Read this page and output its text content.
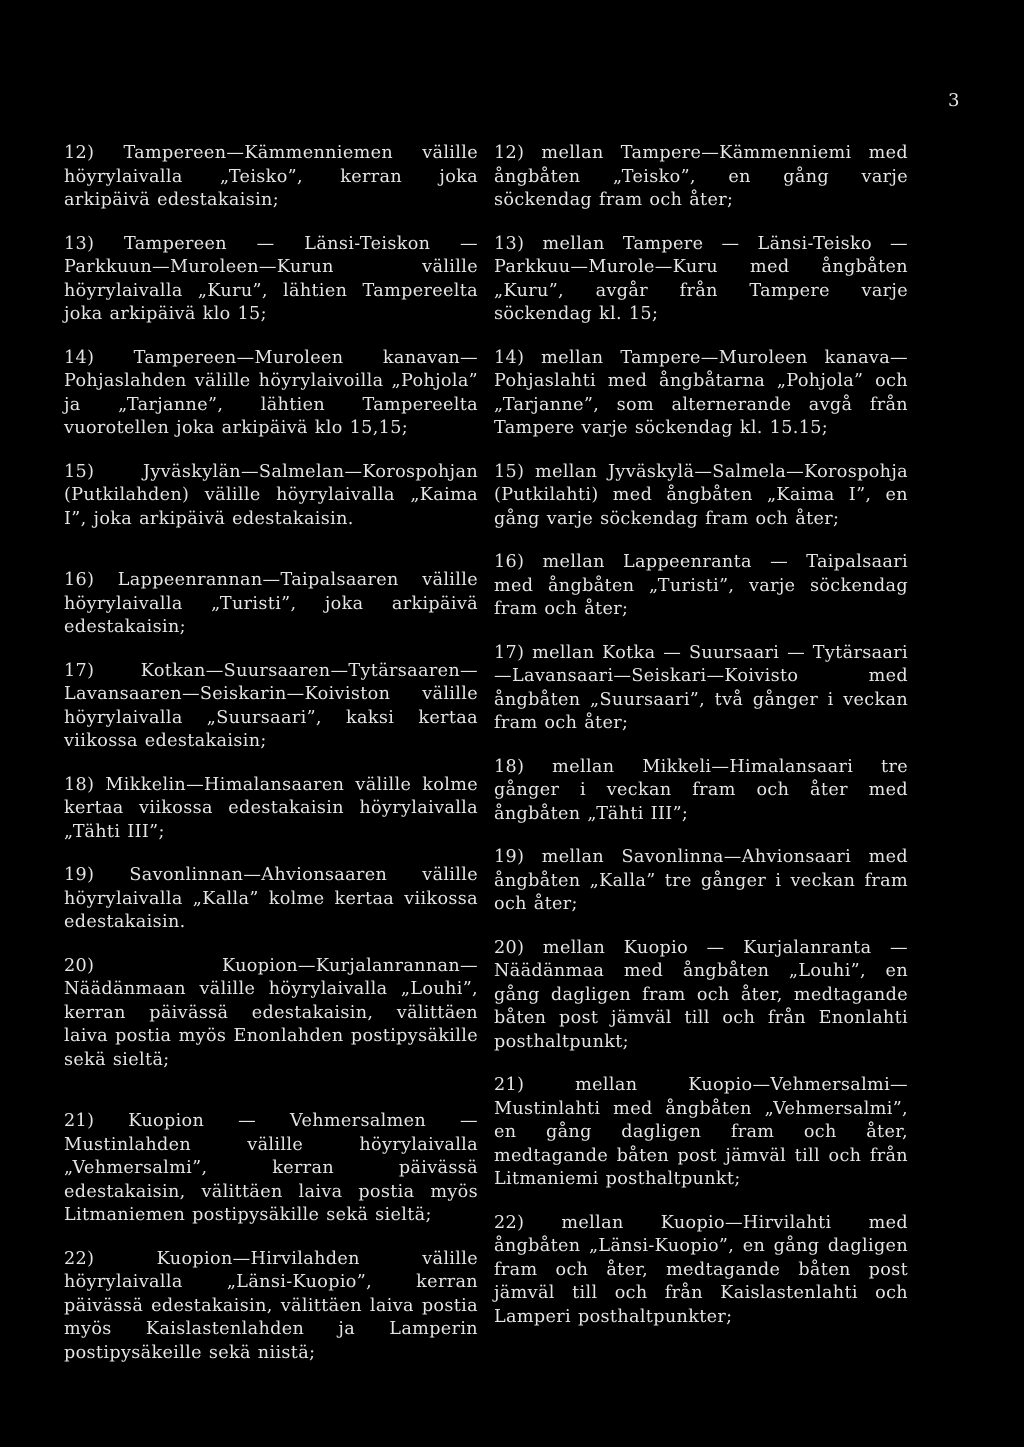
3

12) Tampereen—Kämmenniemen välille höyrylaivalla „Teisko”, kerran joka arkipäivä edestakaisin;

13) Tampereen — Länsi-Teiskon — Parkkuun—Muroleen—Kurun välille höyrylaivalla „Kuru”, lähtien Tampereelta joka arkipäivä klo 15;

14) Tampereen—Muroleen kanavan— Pohjaslahden välille höyrylaivoilla „Pohjola” ja „Tarjanne”, lähtien Tampereelta vuorotellen joka arkipäivä klo 15,15;

15) Jyväskylän—Salmelan—Korospohjan (Putkilahden) välille höyrylaivalla „Kaima I”, joka arkipäivä edestakaisin.

16) Lappeenrannan—Taipalsaaren välille höyrylaivalla „Turisti”, joka arkipäivä edestakaisin;

17) Kotkan—Suursaaren—Tytärsaaren— Lavansaaren—Seiskarin—Koiviston välille höyrylaivalla „Suursaari”, kaksi kertaa viikossa edestakaisin;

18) Mikkelin—Himalansaaren välille kolme kertaa viikossa edestakaisin höyrylaivalla „Tähti III”;

19) Savonlinnan—Ahvionsaaren välille höyrylaivalla „Kalla” kolme kertaa viikossa edestakaisin.

20) Kuopion—Kurjalanrannan—Näädänmaan välille höyrylaivalla „Louhi”, kerran päivässä edestakaisin, välittäen laiva postia myös Enonlahden postipysäkille sekä sieltä;

21) Kuopion — Vehmersalmen — Mustinlahden välille höyrylaivalla „Vehmersalmi”, kerran päivässä edestakaisin, välittäen laiva postia myös Litmaniemen postipysäkille sekä sieltä;

22) Kuopion—Hirvilahden välille höyrylaivalla „Länsi-Kuopio”, kerran päivässä edestakaisin, välittäen laiva postia myös Kaislastenlahden ja Lamperin postipysäkeille sekä niistä;

12) mellan Tampere—Kämmenniemi med ångbåten „Teisko”, en gång varje söckendag fram och åter;

13) mellan Tampere — Länsi-Teisko — Parkkuu—Murole—Kuru med ångbåten „Kuru”, avgår från Tampere varje söckendag kl. 15;

14) mellan Tampere—Muroleen kanava— Pohjaslahti med ångbåtarna „Pohjola” och „Tarjanne”, som alternerande avgå från Tampere varje söckendag kl. 15.15;

15) mellan Jyväskylä—Salmela—Korospohja (Putkilahti) med ångbåten „Kaima I”, en gång varje söckendag fram och åter;

16) mellan Lappeenranta — Taipalsaari med ångbåten „Turisti”, varje söckendag fram och åter;

17) mellan Kotka — Suursaari — Tytärsaari—Lavansaari—Seiskari—Koivisto med ångbåten „Suursaari”, två gånger i veckan fram och åter;

18) mellan Mikkeli—Himalansaari tre gånger i veckan fram och åter med ångbåten „Tähti III”;

19) mellan Savonlinna—Ahvionsaari med ångbåten „Kalla” tre gånger i veckan fram och åter;

20) mellan Kuopio — Kurjalanranta — Näädänmaa med ångbåten „Louhi”, en gång dagligen fram och åter, medtagande båten post jämväl till och från Enonlahti posthaltpunkt;

21) mellan Kuopio—Vehmersalmi—Mustinlahti med ångbåten „Vehmersalmi”, en gång dagligen fram och åter, medtagande båten post jämväl till och från Litmaniemi posthaltpunkt;

22) mellan Kuopio—Hirvilahti med ångbåten „Länsi-Kuopio”, en gång dagligen fram och åter, medtagande båten post jämväl till och från Kaislastenlahti och Lamperi posthaltpunkter;
